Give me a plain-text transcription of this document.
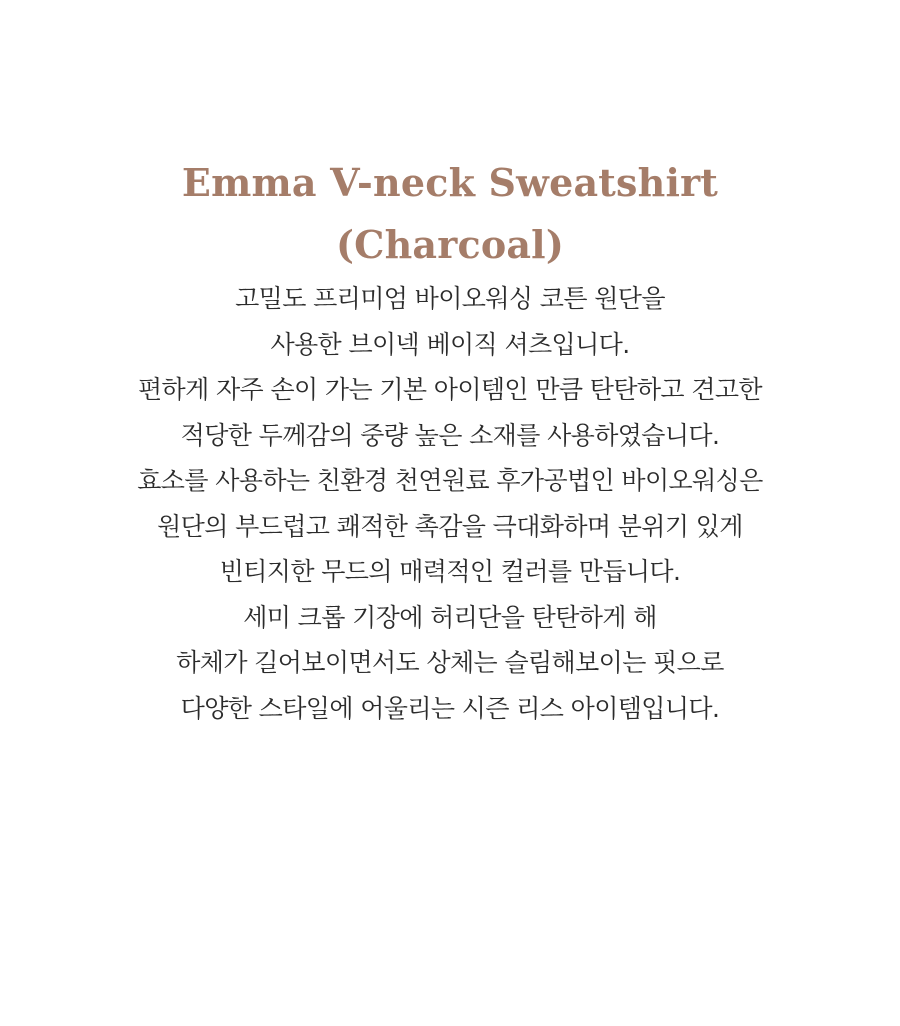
Emma V-neck Sweatshirt
(Charcoal)

고밀도 프리미엄 바이오워싱 코튼 원단을
사용한 브이넥 베이직 셔츠입니다.

편하게 자주 손이 가는 기본 아이템인 만큼 탄탄하고 견고한
적당한 두께감의 중량 높은 소재를 사용하였습니다.
효소를 사용하는 친환경 천연원료 후가공법인 바이오워싱은
원단의 부드럽고 쾌적한 촉감을 극대화하며 분위기 있게
빈티지한 무드의 매력적인 컬러를 만듭니다.

세미 크롭 기장에 허리단을 탄탄하게 해
하체가 길어보이면서도 상체는 슬림해보이는 핏으로
다양한 스타일에 어울리는 시즌 리스 아이템입니다.
